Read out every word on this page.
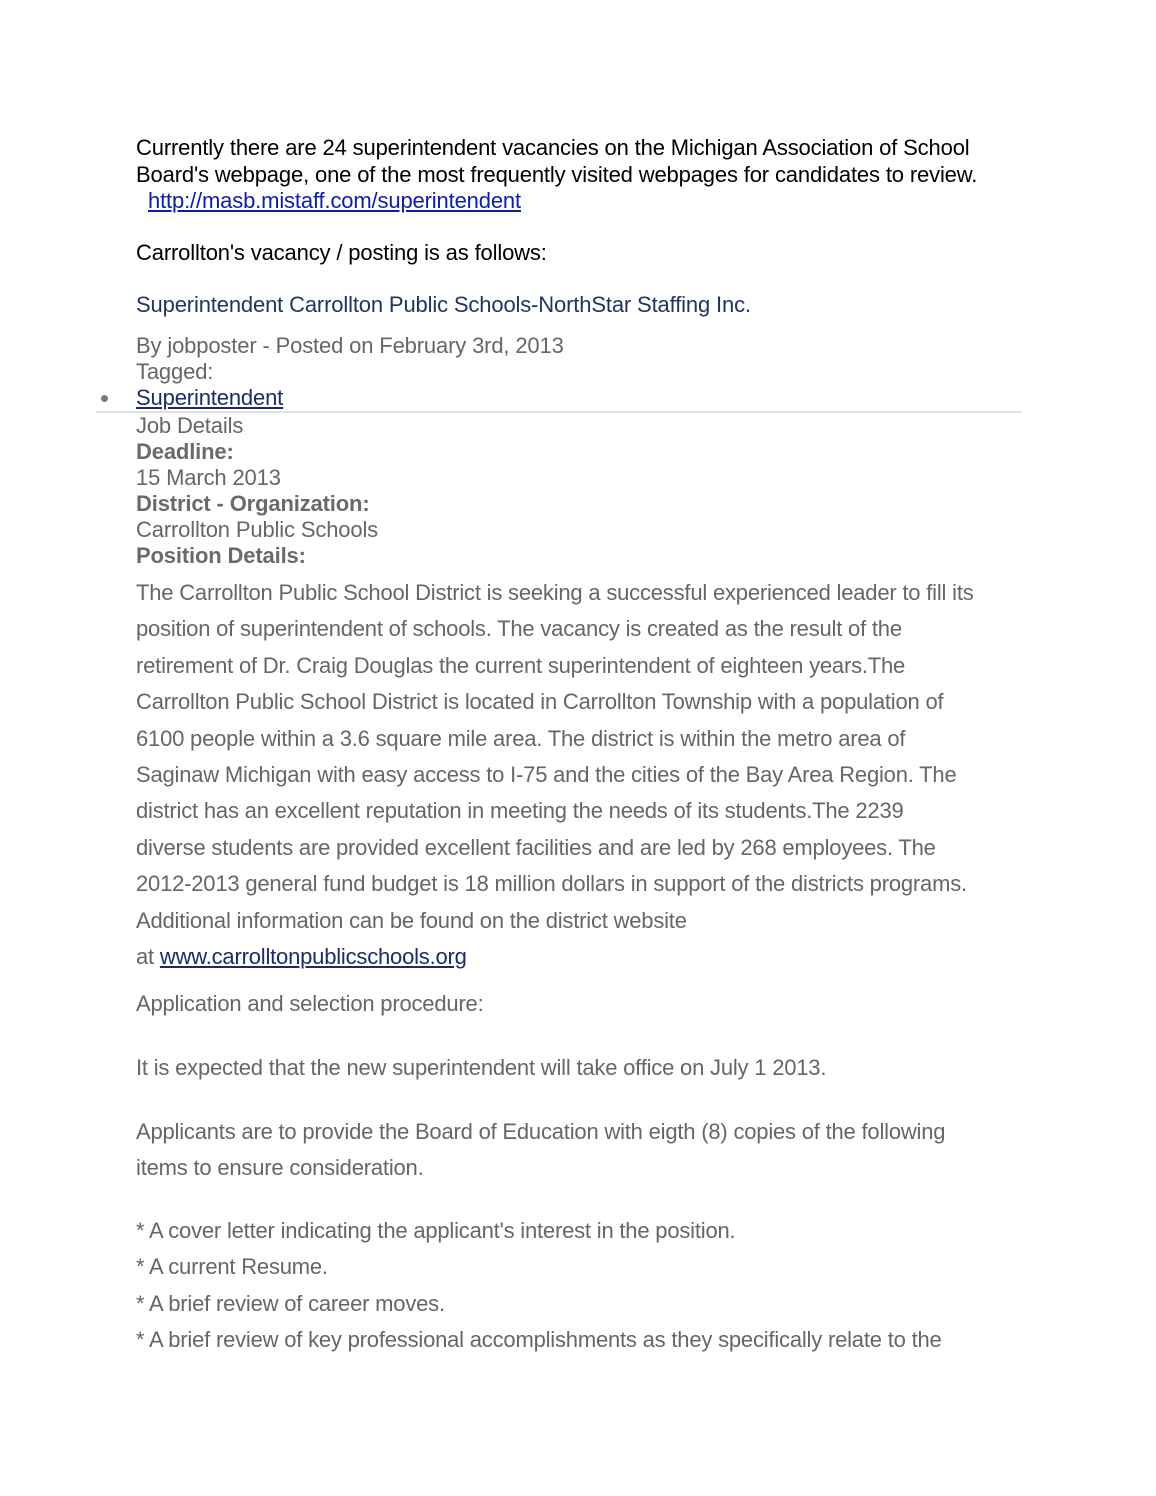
Currently there are 24 superintendent vacancies on the Michigan Association of School
Board's webpage, one of the most frequently visited webpages for candidates to review.
http://masb.mistaff.com/superintendent
Carrollton's vacancy / posting is as follows:
Superintendent Carrollton Public Schools-NorthStar Staffing Inc.
By jobposter - Posted on February 3rd, 2013
Tagged:
Superintendent
Job Details
Deadline:
15 March 2013
District - Organization:
Carrollton Public Schools
Position Details:
The Carrollton Public School District is seeking a successful experienced leader to fill its
position of superintendent of schools. The vacancy is created as the result of the
retirement of Dr. Craig Douglas the current superintendent of eighteen years.The
Carrollton Public School District is located in Carrollton Township with a population of
6100 people within a 3.6 square mile area. The district is within the metro area of
Saginaw Michigan with easy access to I-75 and the cities of the Bay Area Region. The
district has an excellent reputation in meeting the needs of its students.The 2239
diverse students are provided excellent facilities and are led by 268 employees. The
2012-2013 general fund budget is 18 million dollars in support of the districts programs.
Additional information can be found on the district website
at www.carrolltonpublicschools.org
Application and selection procedure:
It is expected that the new superintendent will take office on July 1 2013.
Applicants are to provide the Board of Education with eigth (8) copies of the following
items to ensure consideration.
* A cover letter indicating the applicant's interest in the position.
* A current Resume.
* A brief review of career moves.
* A brief review of key professional accomplishments as they specifically relate to the
